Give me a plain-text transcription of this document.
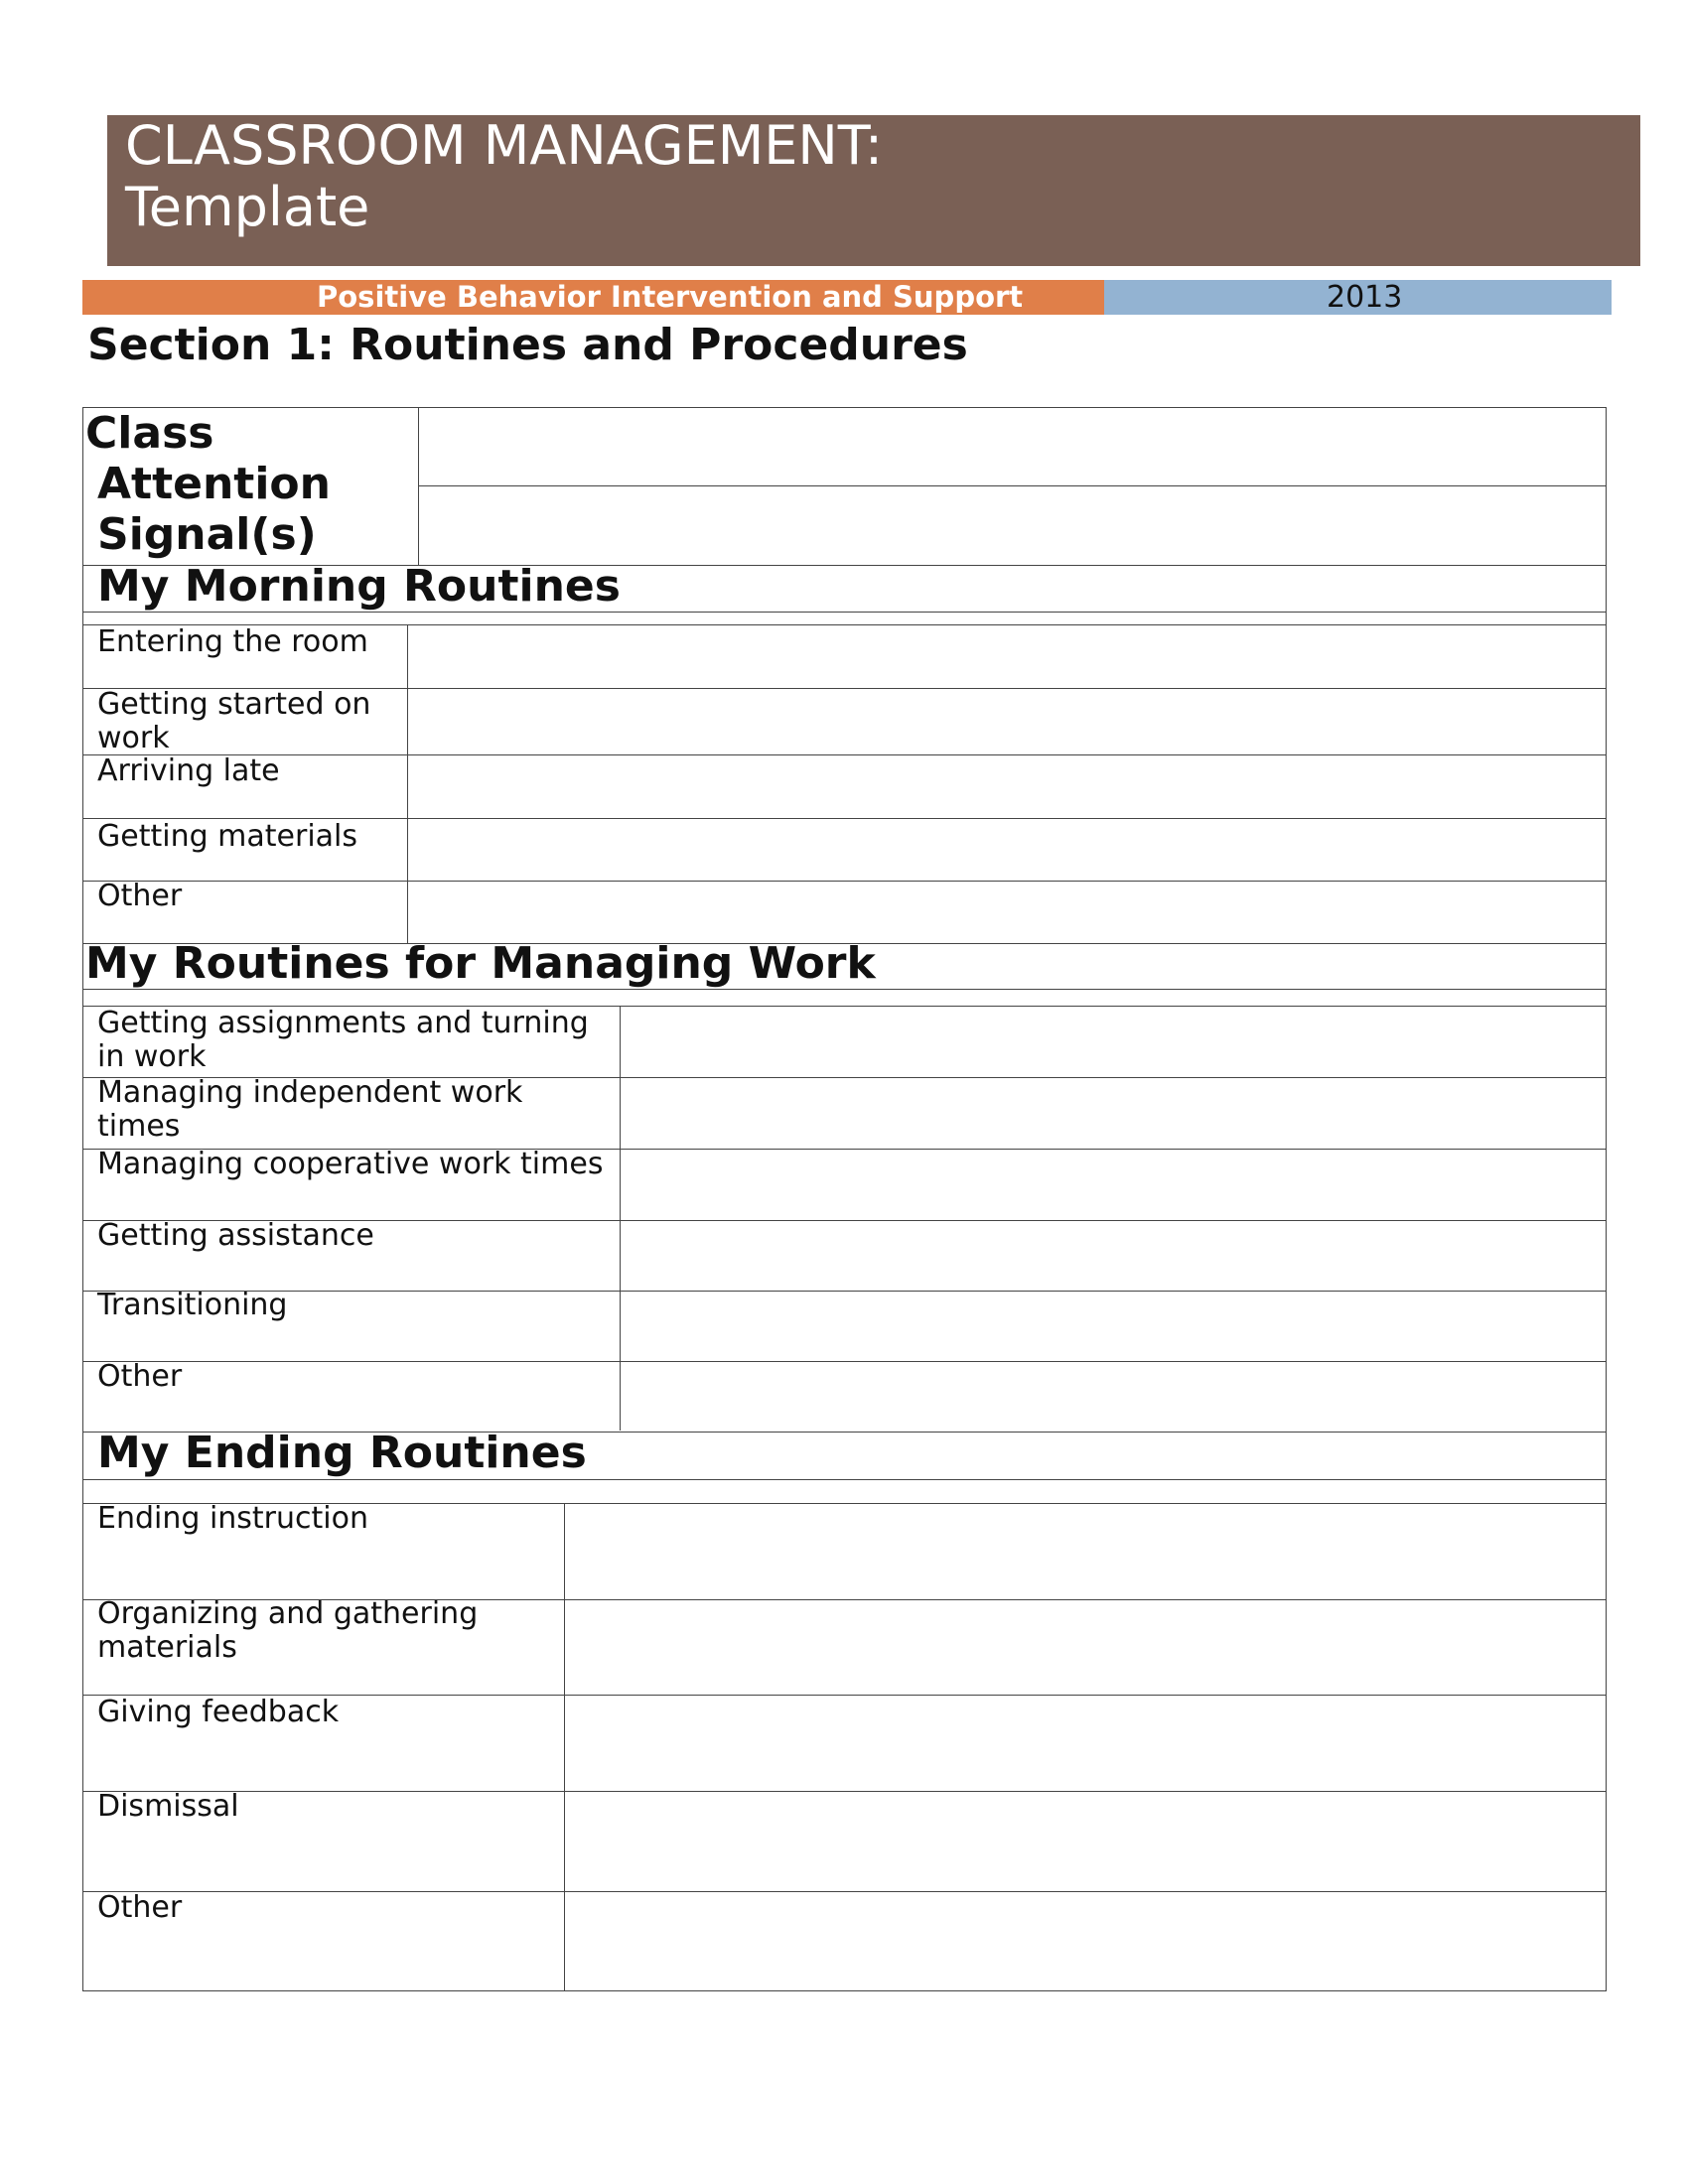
CLASSROOM MANAGEMENT:
Template
Positive Behavior Intervention and Support	2013
Section 1: Routines and Procedures
Class
Attention
Signal(s)
My Morning Routines
Entering the room
Getting started on work
Arriving late
Getting materials
Other
My Routines for Managing Work
Getting assignments and turning in work
Managing independent work times
Managing cooperative work times
Getting assistance
Transitioning
Other
My Ending Routines
Ending instruction
Organizing and gathering materials
Giving feedback
Dismissal
Other
